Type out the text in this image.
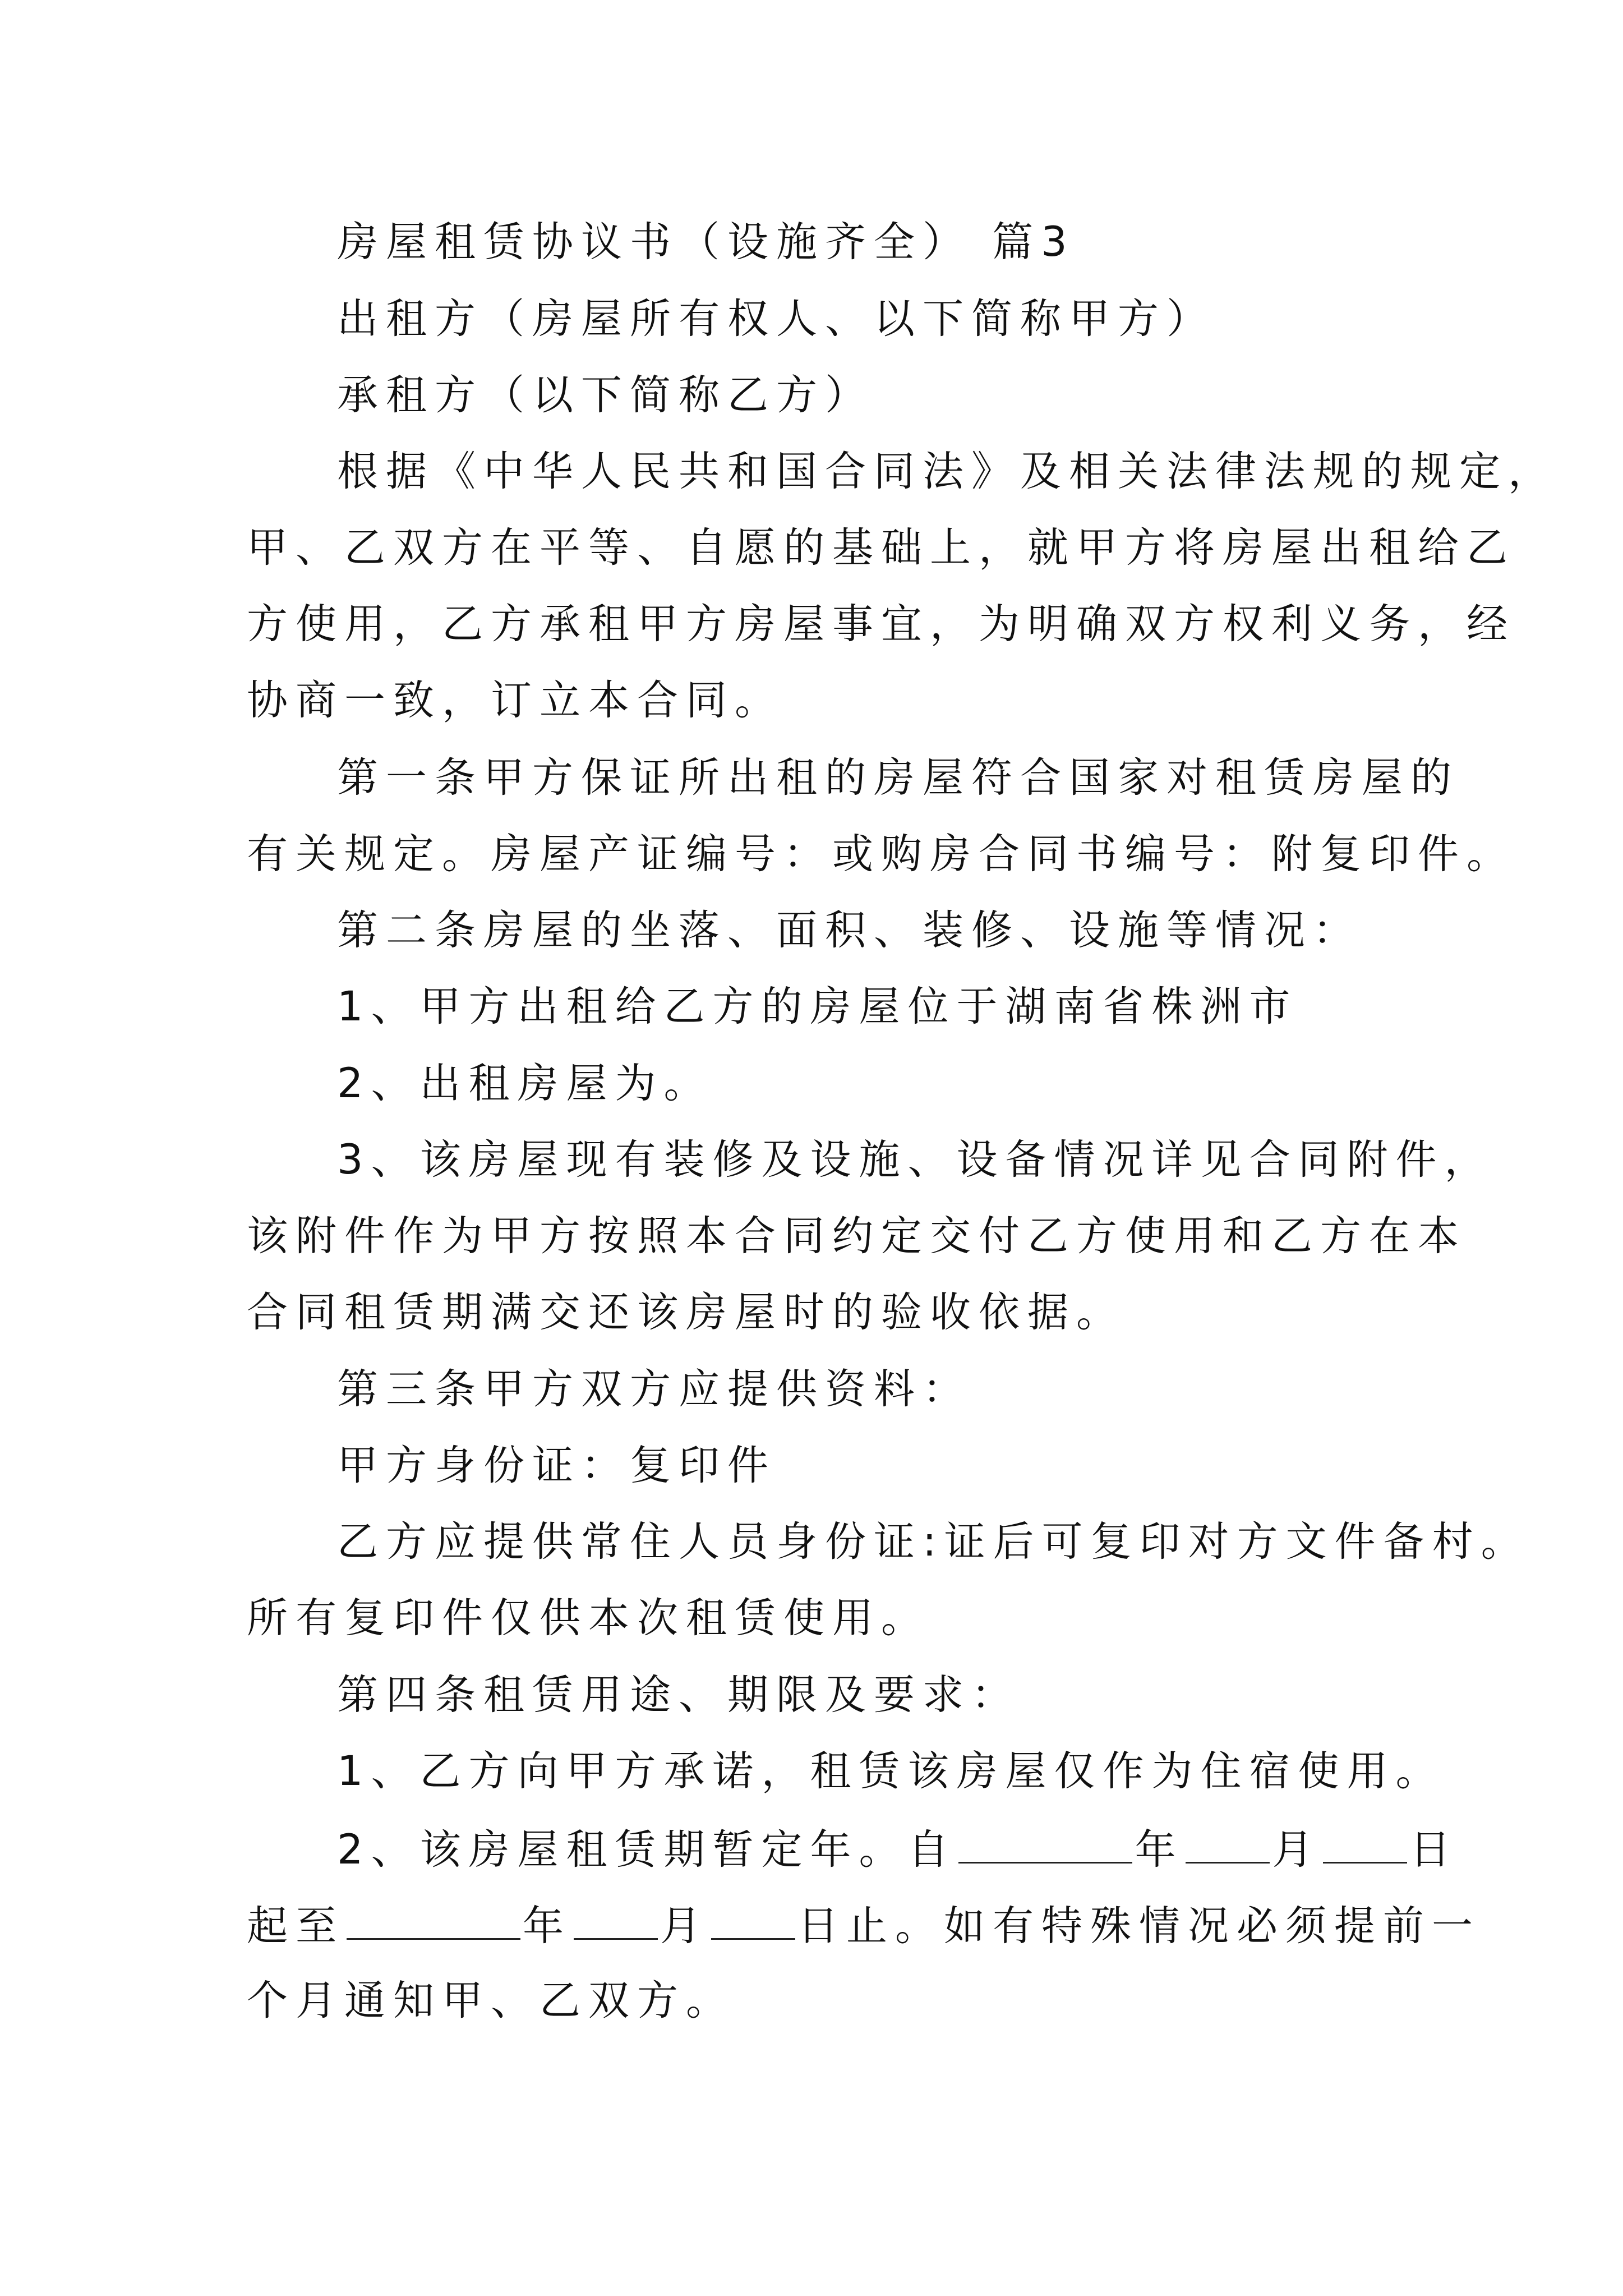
房屋租赁协议书（设施齐全） 篇3
出租方（房屋所有权人、以下简称甲方）
承租方（以下简称乙方）
根据《中华人民共和国合同法》及相关法律法规的规定，
甲、乙双方在平等、自愿的基础上，就甲方将房屋出租给乙
方使用，乙方承租甲方房屋事宜，为明确双方权利义务，经
协商一致，订立本合同。
第一条甲方保证所出租的房屋符合国家对租赁房屋的
有关规定。房屋产证编号：或购房合同书编号：附复印件。
第二条房屋的坐落、面积、装修、设施等情况：
1、甲方出租给乙方的房屋位于湖南省株洲市
2、出租房屋为。
3、该房屋现有装修及设施、设备情况详见合同附件，
该附件作为甲方按照本合同约定交付乙方使用和乙方在本
合同租赁期满交还该房屋时的验收依据。
第三条甲方双方应提供资料：
甲方身份证：复印件
乙方应提供常住人员身份证:证后可复印对方文件备村。
所有复印件仅供本次租赁使用。
第四条租赁用途、期限及要求：
1、乙方向甲方承诺，租赁该房屋仅作为住宿使用。
2、该房屋租赁期暂定年。自	年 月 日
起至	年 月 日止。如有特殊情况必须提前一
个月通知甲、乙双方。
